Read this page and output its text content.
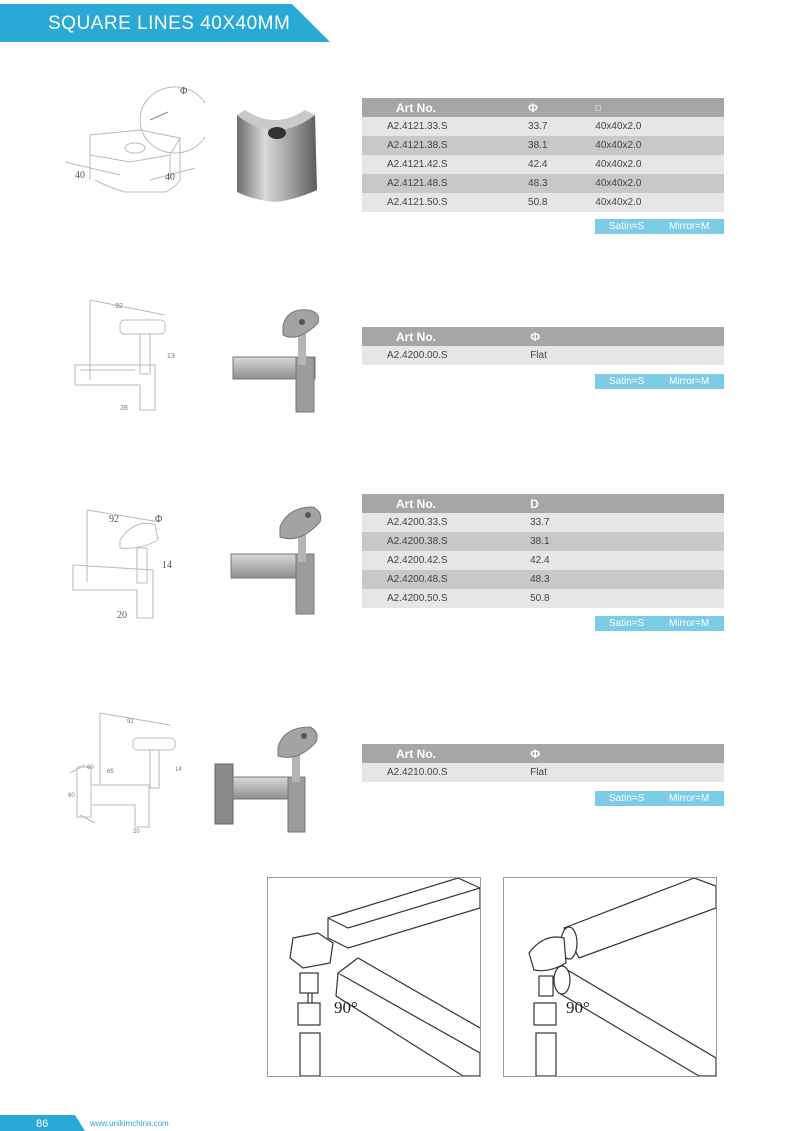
SQUARE LINES 40X40MM
Φ
40	40
Art No.	Φ	□
A2.4121.33.S	33.7	40x40x2.0
A2.4121.38.S	38.1	40x40x2.0
A2.4121.42.S	42.4	40x40x2.0
A2.4121.48.S	48.3	40x40x2.0
A2.4121.50.S	50.8	40x40x2.0
Satin=S	Mirror=M
92
13
28
Art No.	Φ	
A2.4200.00.S	Flat	
Satin=S	Mirror=M
92	Φ
14
20
Art No.	D	
A2.4200.33.S	33.7	
A2.4200.38.S	38.1	
A2.4200.42.S	42.4	
A2.4200.48.S	48.3	
A2.4200.50.S	50.8	
Satin=S	Mirror=M
92
14
20
60
65
60
Art No.	Φ	
A2.4210.00.S	Flat	
Satin=S	Mirror=M
90°	90°
86	www.unikimchina.com
